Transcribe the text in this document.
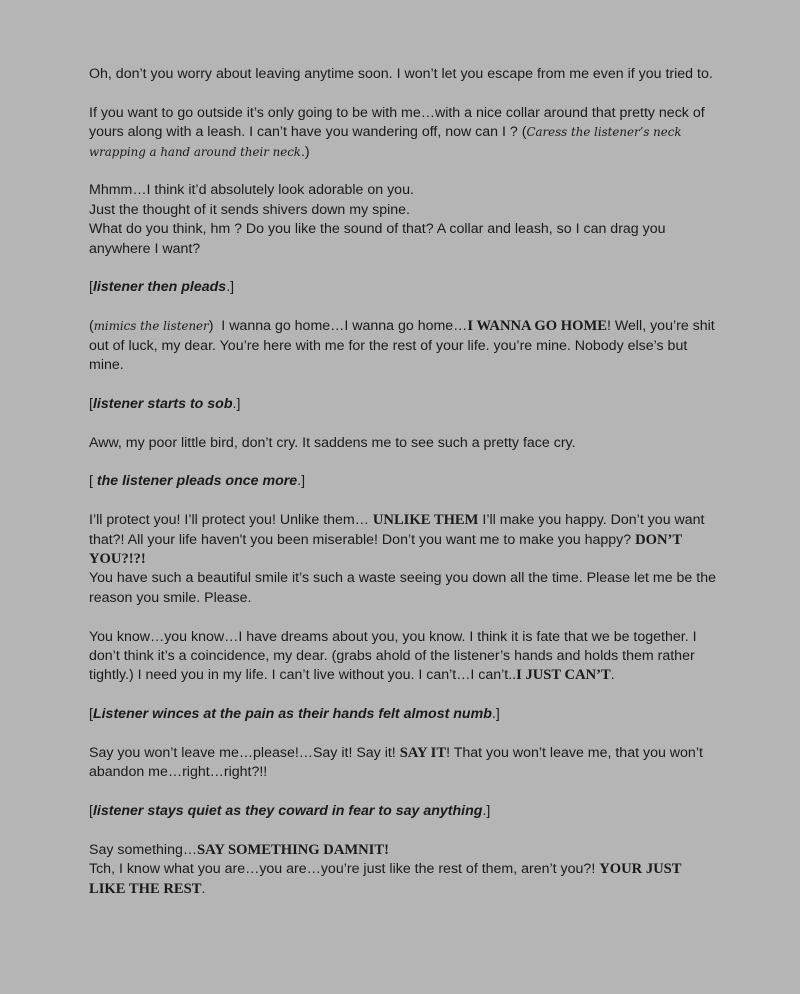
Oh, don’t you worry about leaving anytime soon. I won’t let you escape from me even if you tried to.

If you want to go outside it’s only going to be with me…with a nice collar around that pretty neck of yours along with a leash. I can’t have you wandering off, now can I ? (Caress the listener’s neck wrapping a hand around their neck.)

Mhmm…I think it’d absolutely look adorable on you.

Just the thought of it sends shivers down my spine.

What do you think, hm ? Do you like the sound of that? A collar and leash, so I can drag you anywhere I want?

[listener then pleads.]

(mimics the listener)  I wanna go home…I wanna go home…I WANNA GO HOME! Well, you’re shit out of luck, my dear. You’re here with me for the rest of your life. you’re mine. Nobody else’s but mine.

[listener starts to sob.]

Aww, my poor little bird, don’t cry. It saddens me to see such a pretty face cry.

[ the listener pleads once more.]

I’ll protect you! I’ll protect you! Unlike them… UNLIKE THEM I’ll make you happy. Don’t you want that?! All your life haven't you been miserable! Don’t you want me to make you happy? DON’T YOU?!?!

You have such a beautiful smile it’s such a waste seeing you down all the time. Please let me be the reason you smile. Please.

You know…you know…I have dreams about you, you know. I think it is fate that we be together. I don’t think it’s a coincidence, my dear. (grabs ahold of the listener’s hands and holds them rather tightly.) I need you in my life. I can’t live without you. I can’t…I can’t..I JUST CAN’T.

[Listener winces at the pain as their hands felt almost numb.]

Say you won’t leave me…please!…Say it! Say it! SAY IT! That you won’t leave me, that you won’t abandon me…right…right?!!

[listener stays quiet as they coward in fear to say anything.]

Say something…SAY SOMETHING DAMNIT!

Tch, I know what you are…you are…you’re just like the rest of them, aren’t you?! YOUR JUST LIKE THE REST.
